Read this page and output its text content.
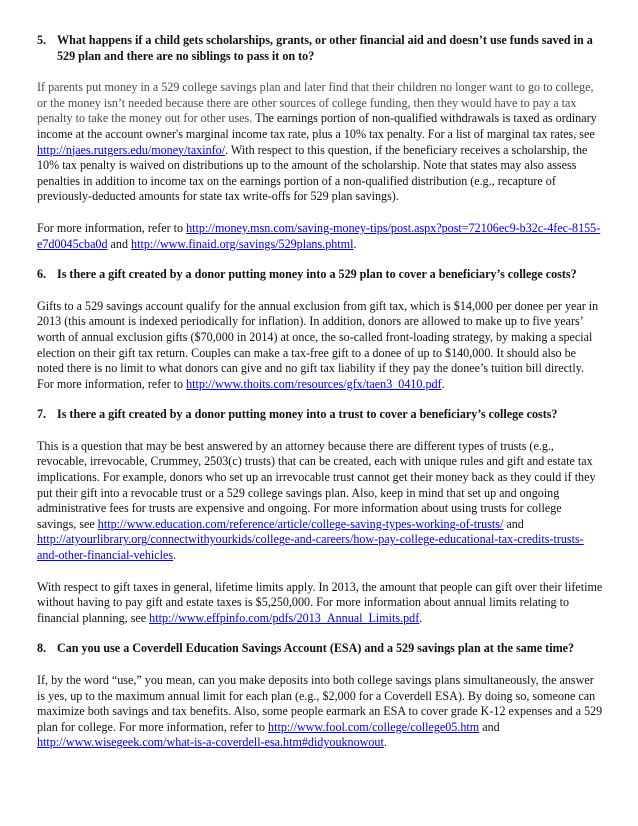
5. What happens if a child gets scholarships, grants, or other financial aid and doesn’t use funds saved in a 529 plan and there are no siblings to pass it on to?

If parents put money in a 529 college savings plan and later find that their children no longer want to go to college, or the money isn’t needed because there are other sources of college funding, then they would have to pay a tax penalty to take the money out for other uses. The earnings portion of non-qualified withdrawals is taxed as ordinary income at the account owner's marginal income tax rate, plus a 10% tax penalty. For a list of marginal tax rates, see http://njaes.rutgers.edu/money/taxinfo/. With respect to this question, if the beneficiary receives a scholarship, the 10% tax penalty is waived on distributions up to the amount of the scholarship. Note that states may also assess penalties in addition to income tax on the earnings portion of a non-qualified distribution (e.g., recapture of previously-deducted amounts for state tax write-offs for 529 plan savings).

For more information, refer to http://money.msn.com/saving-money-tips/post.aspx?post=72106ec9-b32c-4fec-8155-e7d0045cba0d and http://www.finaid.org/savings/529plans.phtml.

6. Is there a gift created by a donor putting money into a 529 plan to cover a beneficiary’s college costs?

Gifts to a 529 savings account qualify for the annual exclusion from gift tax, which is $14,000 per donee per year in 2013 (this amount is indexed periodically for inflation). In addition, donors are allowed to make up to five years’ worth of annual exclusion gifts ($70,000 in 2014) at once, the so-called front-loading strategy, by making a special election on their gift tax return. Couples can make a tax-free gift to a donee of up to $140,000. It should also be noted there is no limit to what donors can give and no gift tax liability if they pay the donee’s tuition bill directly. For more information, refer to http://www.thoits.com/resources/gfx/taen3_0410.pdf.

7. Is there a gift created by a donor putting money into a trust to cover a beneficiary’s college costs?

This is a question that may be best answered by an attorney because there are different types of trusts (e.g., revocable, irrevocable, Crummey, 2503(c) trusts) that can be created, each with unique rules and gift and estate tax implications. For example, donors who set up an irrevocable trust cannot get their money back as they could if they put their gift into a revocable trust or a 529 college savings plan. Also, keep in mind that set up and ongoing administrative fees for trusts are expensive and ongoing. For more information about using trusts for college savings, see http://www.education.com/reference/article/college-saving-types-working-of-trusts/ and http://atyourlibrary.org/connectwithyourkids/college-and-careers/how-pay-college-educational-tax-credits-trusts-and-other-financial-vehicles.

With respect to gift taxes in general, lifetime limits apply. In 2013, the amount that people can gift over their lifetime without having to pay gift and estate taxes is $5,250,000. For more information about annual limits relating to financial planning, see http://www.effpinfo.com/pdfs/2013_Annual_Limits.pdf.

8. Can you use a Coverdell Education Savings Account (ESA) and a 529 savings plan at the same time?

If, by the word “use,” you mean, can you make deposits into both college savings plans simultaneously, the answer is yes, up to the maximum annual limit for each plan (e.g., $2,000 for a Coverdell ESA). By doing so, someone can maximize both savings and tax benefits. Also, some people earmark an ESA to cover grade K-12 expenses and a 529 plan for college. For more information, refer to http://www.fool.com/college/college05.htm and http://www.wisegeek.com/what-is-a-coverdell-esa.htm#didyouknowout.
